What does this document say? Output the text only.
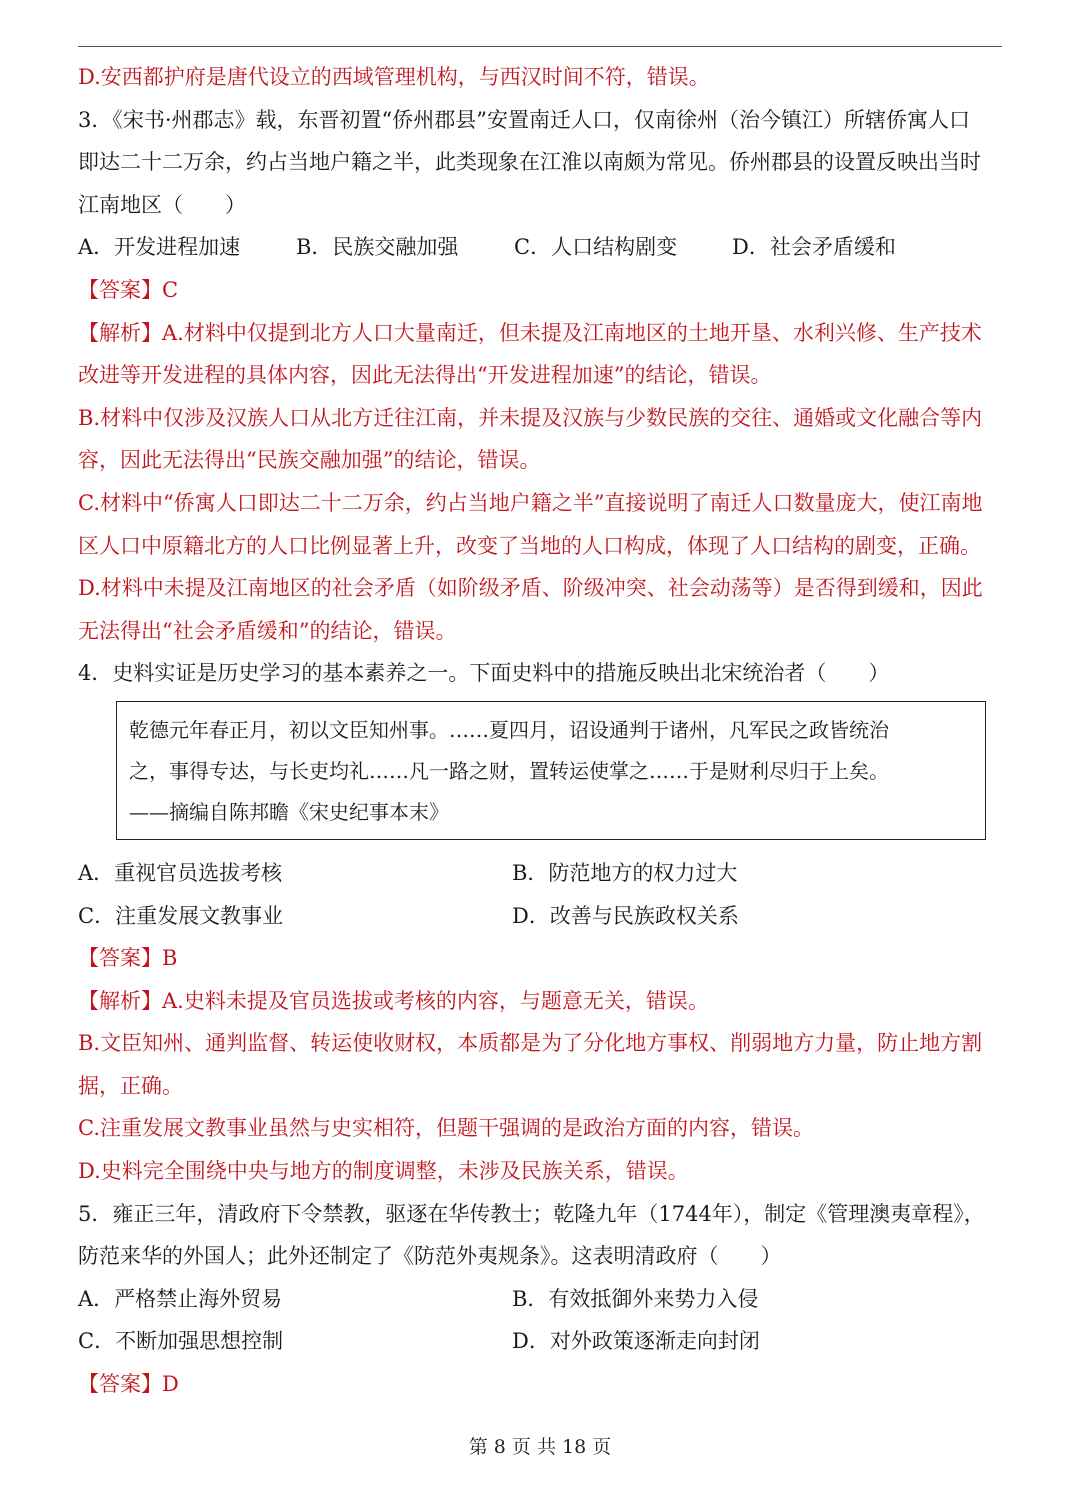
D.安西都护府是唐代设立的西域管理机构，与西汉时间不符，错误。
3．《宋书·州郡志》载，东晋初置“侨州郡县”安置南迁人口，仅南徐州（治今镇江）所辖侨寓人口
即达二十二万余，约占当地户籍之半，此类现象在江淮以南颇为常见。侨州郡县的设置反映出当时
江南地区（　　）
A．开发进程加速	B．民族交融加强	C．人口结构剧变	D．社会矛盾缓和
【答案】C
【解析】A.材料中仅提到北方人口大量南迁，但未提及江南地区的土地开垦、水利兴修、生产技术
改进等开发进程的具体内容，因此无法得出“开发进程加速”的结论，错误。
B.材料中仅涉及汉族人口从北方迁往江南，并未提及汉族与少数民族的交往、通婚或文化融合等内
容，因此无法得出“民族交融加强”的结论，错误。
C.材料中“侨寓人口即达二十二万余，约占当地户籍之半”直接说明了南迁人口数量庞大，使江南地
区人口中原籍北方的人口比例显著上升，改变了当地的人口构成，体现了人口结构的剧变，正确。
D.材料中未提及江南地区的社会矛盾（如阶级矛盾、阶级冲突、社会动荡等）是否得到缓和，因此
无法得出“社会矛盾缓和”的结论，错误。
4．史料实证是历史学习的基本素养之一。下面史料中的措施反映出北宋统治者（　　）
乾德元年春正月，初以文臣知州事。……夏四月，诏设通判于诸州，凡军民之政皆统治
之，事得专达，与长吏均礼……凡一路之财，置转运使掌之……于是财利尽归于上矣。
——摘编自陈邦瞻《宋史纪事本末》
A．重视官员选拔考核	B．防范地方的权力过大
C．注重发展文教事业	D．改善与民族政权关系
【答案】B
【解析】A.史料未提及官员选拔或考核的内容，与题意无关，错误。
B.文臣知州、通判监督、转运使收财权，本质都是为了分化地方事权、削弱地方力量，防止地方割
据，正确。
C.注重发展文教事业虽然与史实相符，但题干强调的是政治方面的内容，错误。
D.史料完全围绕中央与地方的制度调整，未涉及民族关系，错误。
5．雍正三年，清政府下令禁教，驱逐在华传教士；乾隆九年（1744年），制定《管理澳夷章程》，
防范来华的外国人；此外还制定了《防范外夷规条》。这表明清政府（　　）
A．严格禁止海外贸易	B．有效抵御外来势力入侵
C．不断加强思想控制	D．对外政策逐渐走向封闭
【答案】D
第 8 页 共 18 页
